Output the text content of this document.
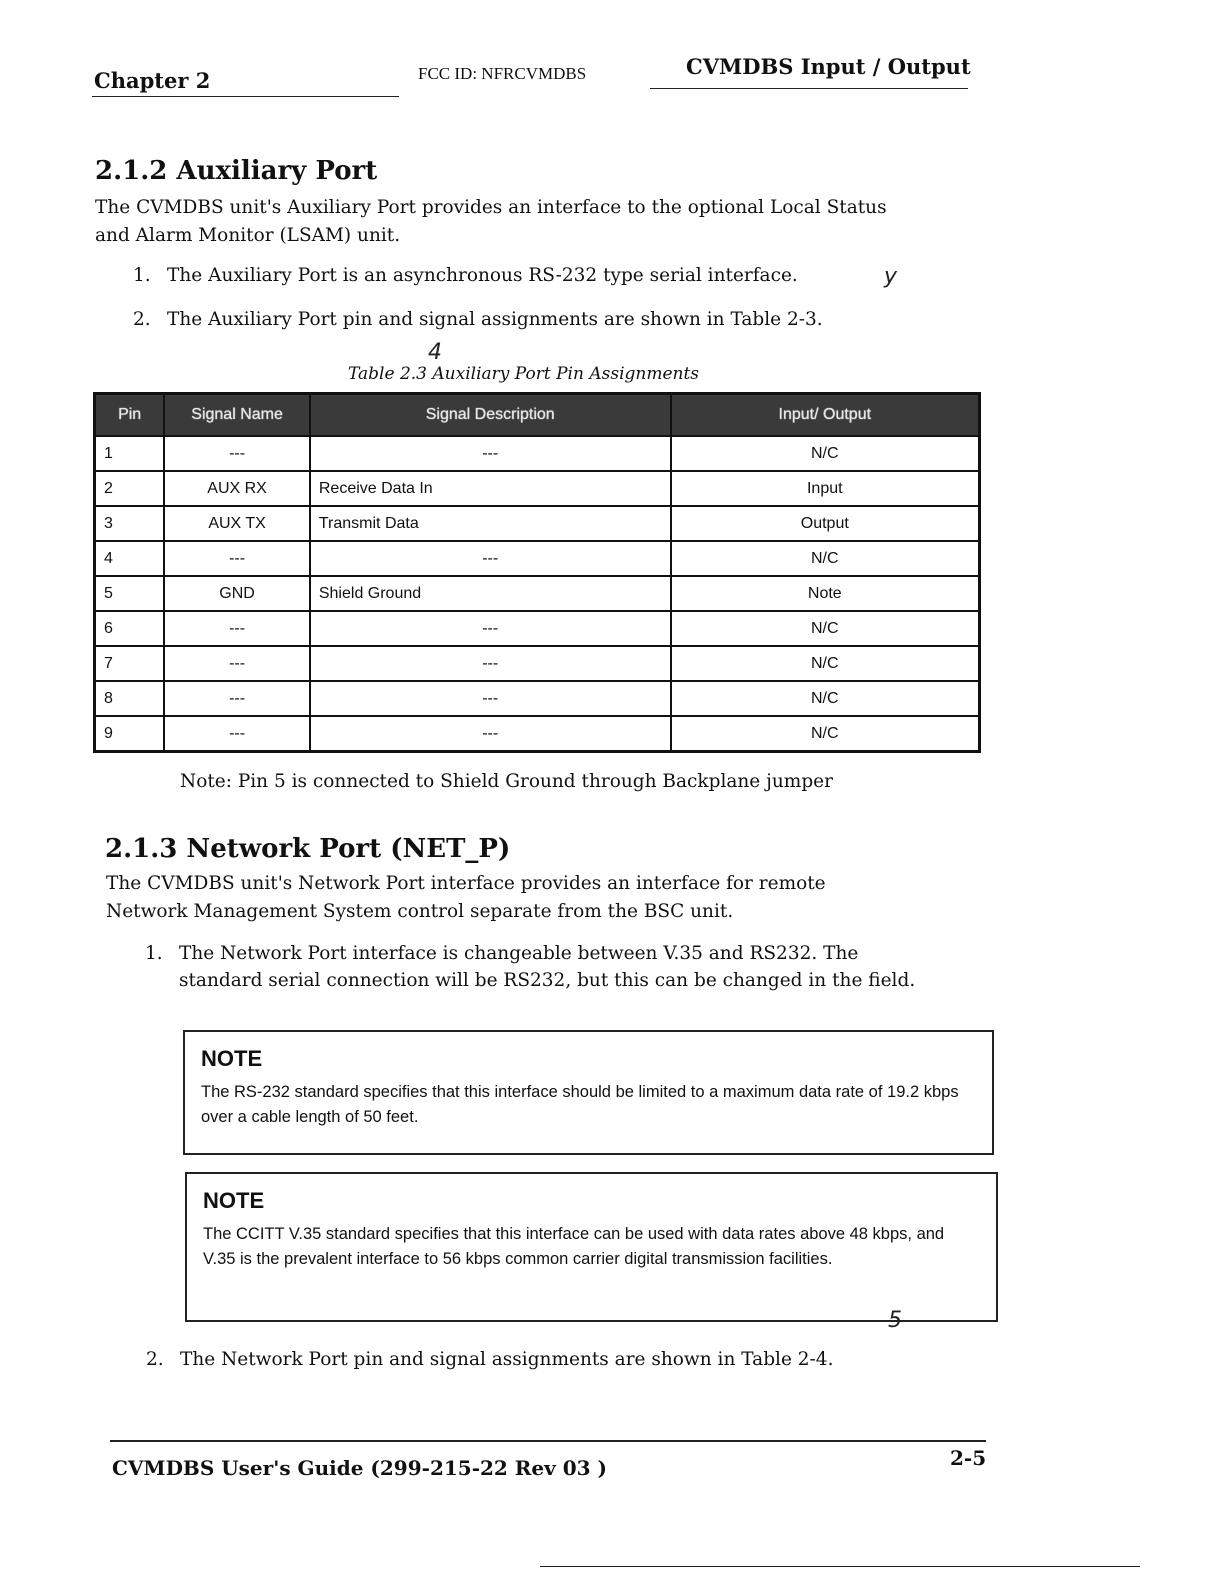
Chapter 2	FCC ID: NFRCVMDBS	CVMDBS Input / Output
2.1.2 Auxiliary Port
The CVMDBS unit's Auxiliary Port provides an interface to the optional Local Status and Alarm Monitor (LSAM) unit.
1. The Auxiliary Port is an asynchronous RS-232 type serial interface.	y
2. The Auxiliary Port pin and signal assignments are shown in Table 2-3.
4
Table 2.3 Auxiliary Port Pin Assignments
Pin	Signal Name	Signal Description	Input/ Output
1	---	---	N/C
2	AUX RX	Receive Data In	Input
3	AUX TX	Transmit Data	Output
4	---	---	N/C
5	GND	Shield Ground	Note
6	---	---	N/C
7	---	---	N/C
8	---	---	N/C
9	---	---	N/C
Note: Pin 5 is connected to Shield Ground through Backplane jumper
2.1.3 Network Port (NET_P)
The CVMDBS unit's Network Port interface provides an interface for remote Network Management System control separate from the BSC unit.
1. The Network Port interface is changeable between V.35 and RS232. The standard serial connection will be RS232, but this can be changed in the field.
NOTE
The RS-232 standard specifies that this interface should be limited to a maximum data rate of 19.2 kbps over a cable length of 50 feet.
NOTE
The CCITT V.35 standard specifies that this interface can be used with data rates above 48 kbps, and V.35 is the prevalent interface to 56 kbps common carrier digital transmission facilities.
5
2. The Network Port pin and signal assignments are shown in Table 2-4.
CVMDBS User's Guide (299-215-22 Rev 03 )	2-5
